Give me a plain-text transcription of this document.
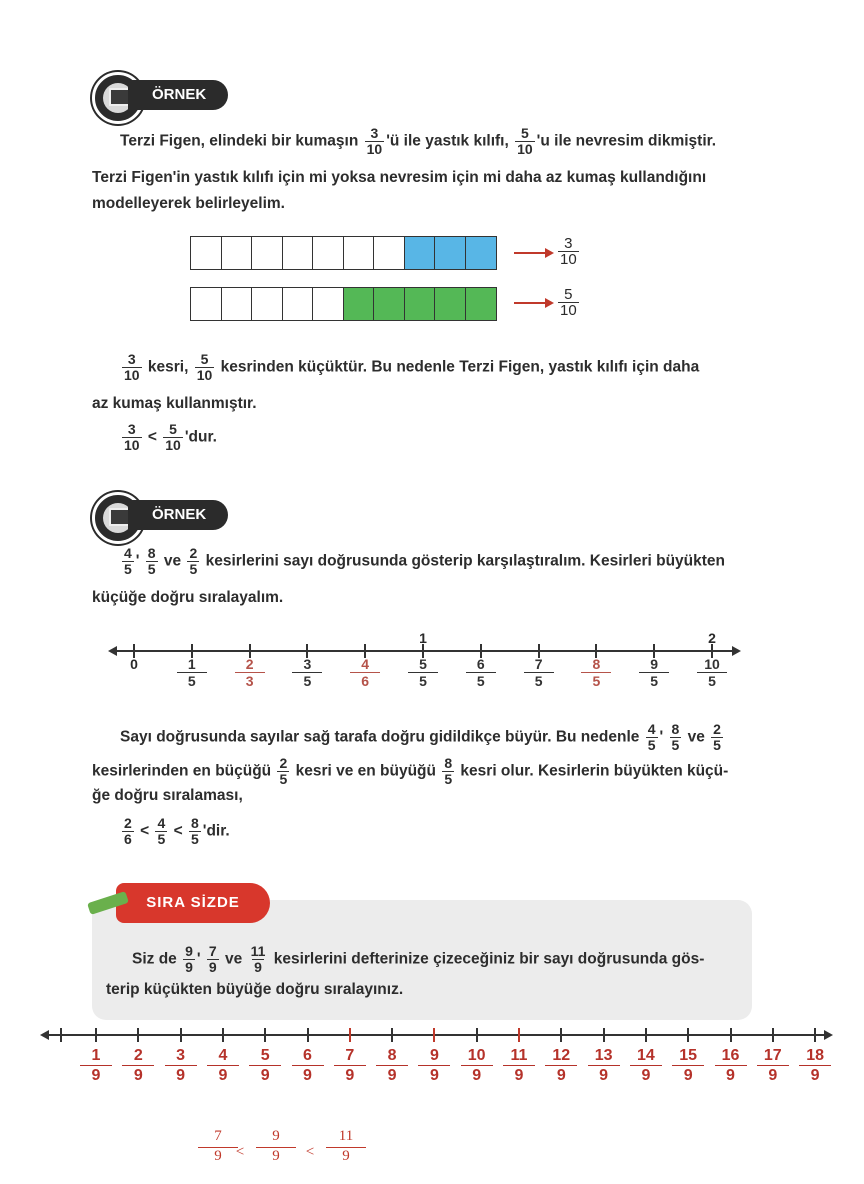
ÖRNEK
Terzi Figen, elindeki bir kumaşın $\frac{3}{10}$ 'ü ile yastık kılıfı, $\frac{5}{10}$ 'u ile nevresim dikmiştir.
Terzi Figen'in yastık kılıfı için mi yoksa nevresim için mi daha az kumaş kullandığını
modelleyerek belirleyelim.
$\frac{3}{10}$
$\frac{5}{10}$
$\frac{3}{10}$ kesri, $\frac{5}{10}$ kesrinden küçüktür. Bu nedenle Terzi Figen, yastık kılıfı için daha
az kumaş kullanmıştır.
$\frac{3}{10} < \frac{5}{10}$ 'dur.
ÖRNEK
$\frac{4}{5}$ ' $\frac{8}{5}$ ve $\frac{2}{5}$ kesirlerini sayı doğrusunda gösterip karşılaştıralım. Kesirleri büyükten
küçüğe doğru sıralayalım.
0	1
5
2
3
3
5
4
6
5
5
6
5
7
5
8
5
9
5
10
5
1	2
Sayı doğrusunda sayılar sağ tarafa doğru gidildikçe büyür. Bu nedenle $\frac{4}{5}$ ' $\frac{8}{5}$ ve $\frac{2}{5}$
kesirlerinden en büçüğü $\frac{2}{5}$ kesri ve en büyüğü $\frac{8}{5}$ kesri olur. Kesirlerin büyükten küçü-
ğe doğru sıralaması,
$\frac{2}{6} < \frac{4}{5} < \frac{8}{5}$ 'dir.
SIRA SİZDE
Siz de $\frac{9}{9}$ ' $\frac{7}{9}$ ve $\frac{11}{9}$ kesirlerini defterinize çizeceğiniz bir sayı doğrusunda gös-
terip küçükten büyüğe doğru sıralayınız.
1
9
2
9
3
9
4
9
5
9
6
9
7
9
8
9
9
9
10
9
11
9
12
9
13
9
14
9
15
9
16
9
17
9
18
9
7
9
9
9
11
9
<	<
